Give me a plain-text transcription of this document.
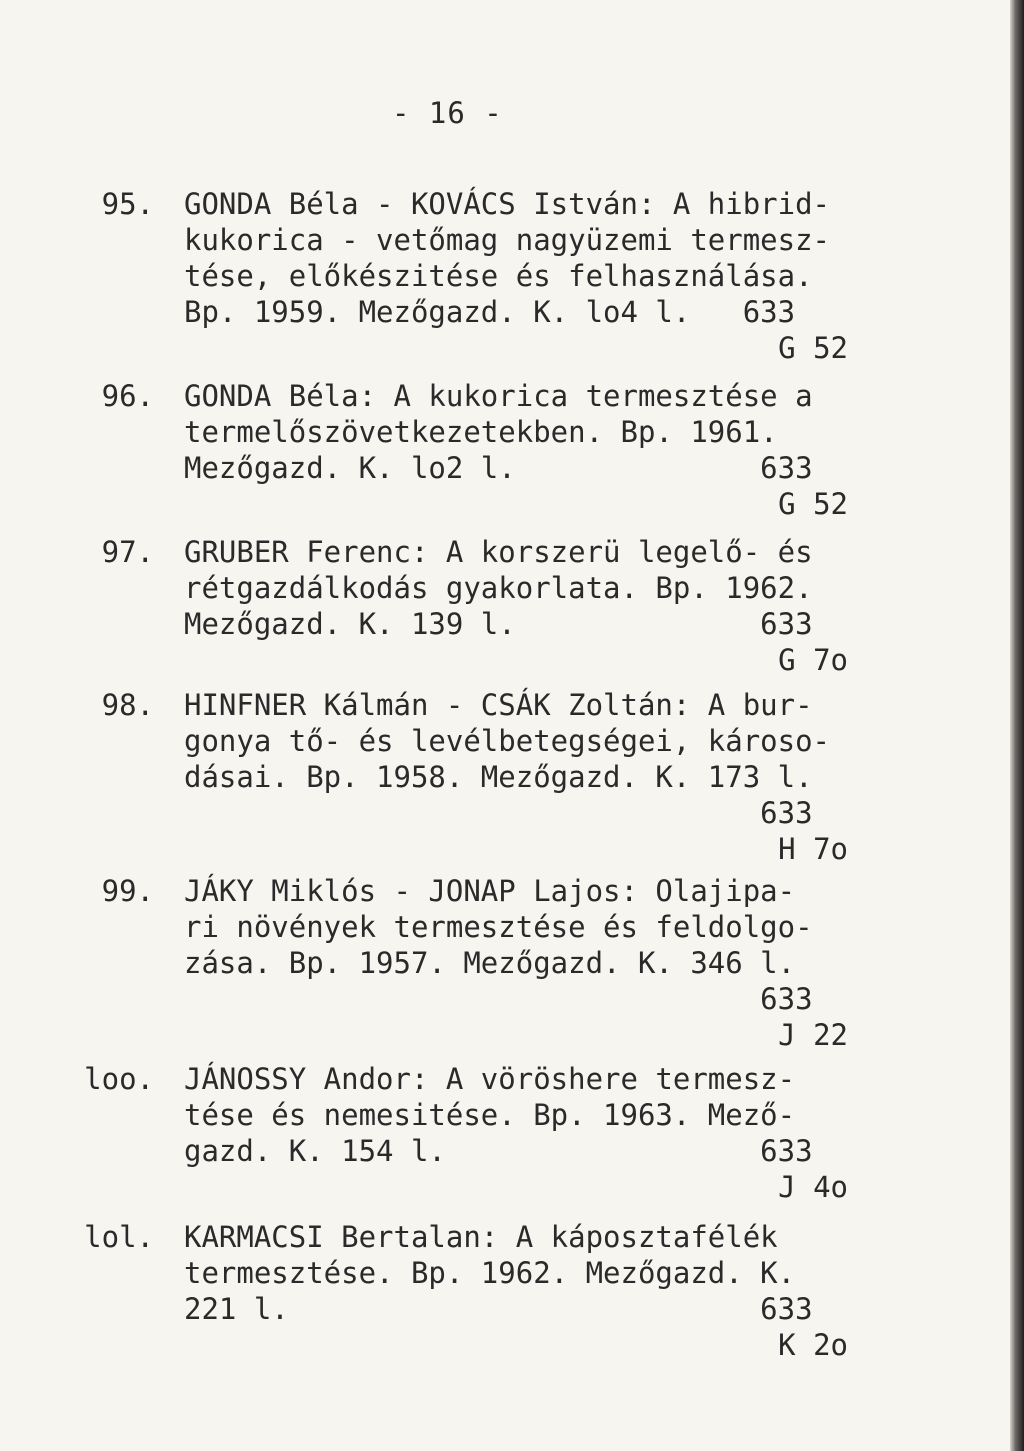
- 16 -
95. GONDA Béla - KOVÁCS István: A hibrid-
kukorica - vetőmag nagyüzemi termesz-
tése, előkészitése és felhasználása.
Bp. 1959. Mezőgazd. K. lo4 l.   633
G 52
96. GONDA Béla: A kukorica termesztése a
termelőszövetkezetekben. Bp. 1961.
Mezőgazd. K. lo2 l.              633
G 52
97. GRUBER Ferenc: A korszerü legelő- és
rétgazdálkodás gyakorlata. Bp. 1962.
Mezőgazd. K. 139 l.              633
G 7o
98. HINFNER Kálmán - CSÁK Zoltán: A bur-
gonya tő- és levélbetegségei, károso-
dásai. Bp. 1958. Mezőgazd. K. 173 l.
633
H 7o
99. JÁKY Miklós - JONAP Lajos: Olajipa-
ri növények termesztése és feldolgo-
zása. Bp. 1957. Mezőgazd. K. 346 l.
633
J 22
loo. JÁNOSSY Andor: A vöröshere termesz-
tése és nemesitése. Bp. 1963. Mező-
gazd. K. 154 l.                  633
J 4o
lol. KARMACSI Bertalan: A káposztafélék
termesztése. Bp. 1962. Mezőgazd. K.
221 l.                           633
K 2o
